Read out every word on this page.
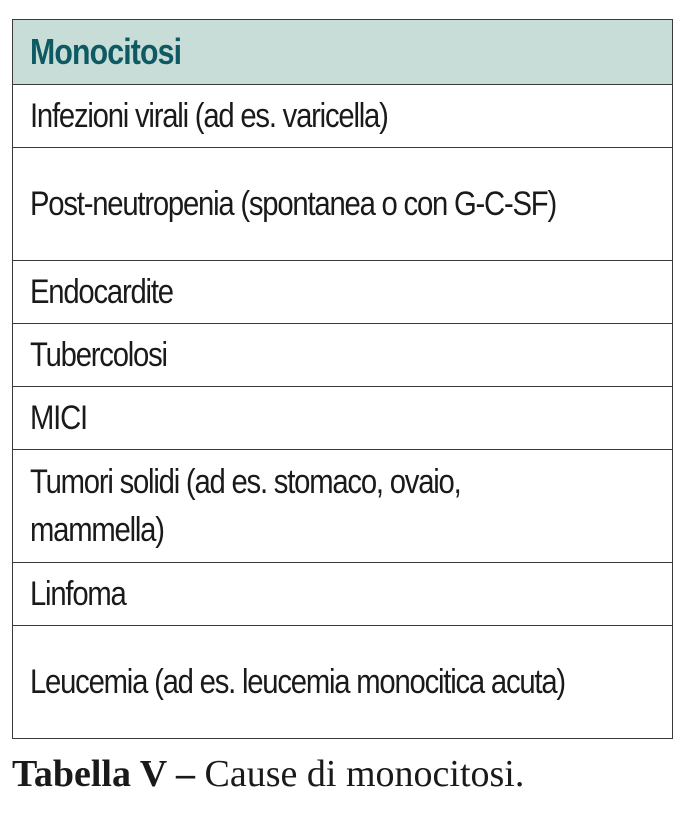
Monocitosi
Infezioni virali (ad es. varicella)
Post-neutropenia (spontanea o con G-C-SF)
Endocardite
Tubercolosi
MICI
Tumori solidi (ad es. stomaco, ovaio, mammella)
Linfoma
Leucemia (ad es. leucemia monocitica acuta)
Tabella V – Cause di monocitosi.
